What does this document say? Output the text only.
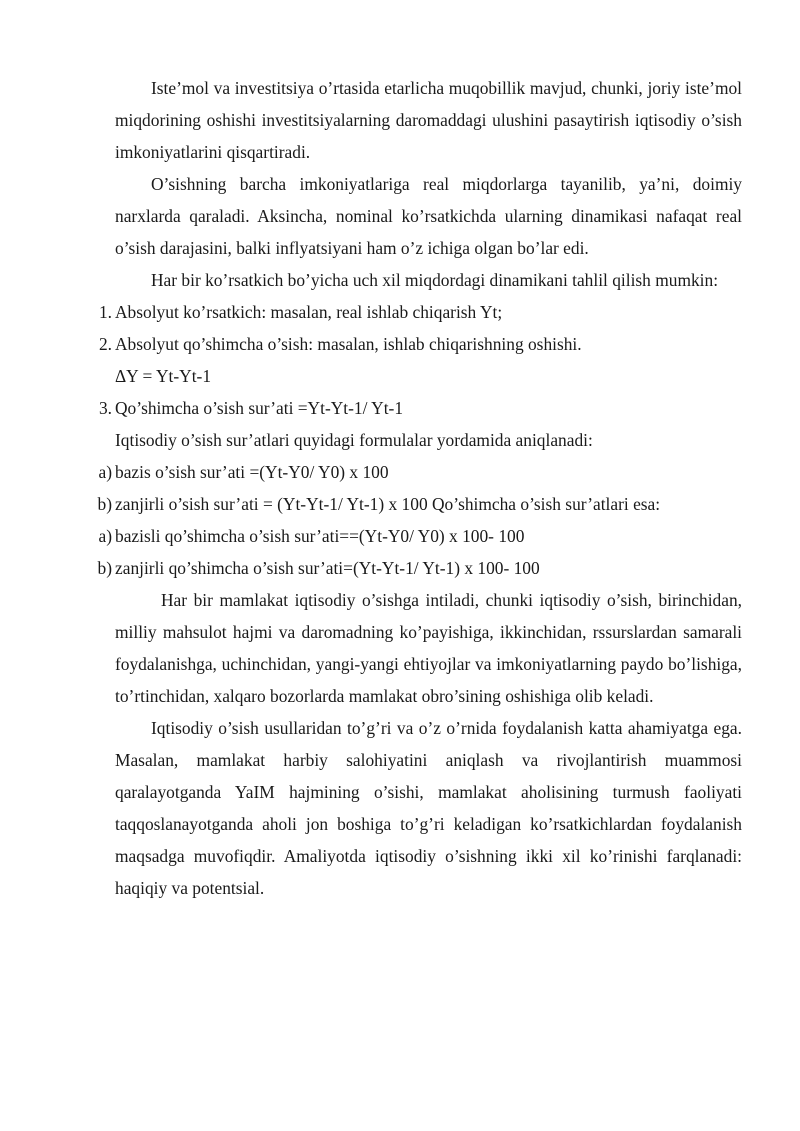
Iste’mol va investitsiya o’rtasida etarlicha muqobillik mavjud, chunki, joriy iste’mol miqdorining oshishi investitsiyalarning daromaddagi ulushini pasaytirish iqtisodiy o’sish imkoniyatlarini qisqartiradi.

O’sishning barcha imkoniyatlariga real miqdorlarga tayanilib, ya’ni, doimiy narxlarda qaraladi. Aksincha, nominal ko’rsatkichda ularning dinamikasi nafaqat real o’sish darajasini, balki inflyatsiyani ham o’z ichiga olgan bo’lar edi.

Har bir ko’rsatkich bo’yicha uch xil miqdordagi dinamikani tahlil qilish mumkin:

1. Absolyut ko’rsatkich: masalan, real ishlab chiqarish Yt;
2. Absolyut qo’shimcha o’sish: masalan, ishlab chiqarishning oshishi.
ΔY = Yt-Yt-1
3. Qo’shimcha o’sish sur’ati =Yt-Yt-1/ Yt-1
Iqtisodiy o’sish sur’atlari quyidagi formulalar yordamida aniqlanadi:
a) bazis o’sish sur’ati =(Yt-Y0/ Y0) x 100
b) zanjirli o’sish sur’ati = (Yt-Yt-1/ Yt-1) x 100 Qo’shimcha o’sish sur’atlari esa:
a) bazisli qo’shimcha o’sish sur’ati==(Yt-Y0/ Y0) x 100- 100
b) zanjirli qo’shimcha o’sish sur’ati=(Yt-Yt-1/ Yt-1) x 100- 100

Har bir mamlakat iqtisodiy o’sishga intiladi, chunki iqtisodiy o’sish, birinchidan, milliy mahsulot hajmi va daromadning ko’payishiga, ikkinchidan, rssurslardan samarali foydalanishga, uchinchidan, yangi-yangi ehtiyojlar va imkoniyatlarning paydo bo’lishiga, to’rtinchidan, xalqaro bozorlarda mamlakat obro’sining oshishiga olib keladi.

Iqtisodiy o’sish usullaridan to’g’ri va o’z o’rnida foydalanish katta ahamiyatga ega. Masalan, mamlakat harbiy salohiyatini aniqlash va rivojlantirish muammosi qaralayotganda YaIM hajmining o’sishi, mamlakat aholisining turmush faoliyati taqqoslanayotganda aholi jon boshiga to’g’ri keladigan ko’rsatkichlardan foydalanish maqsadga muvofiqdir. Amaliyotda iqtisodiy o’sishning ikki xil ko’rinishi farqlanadi: haqiqiy va potentsial.
